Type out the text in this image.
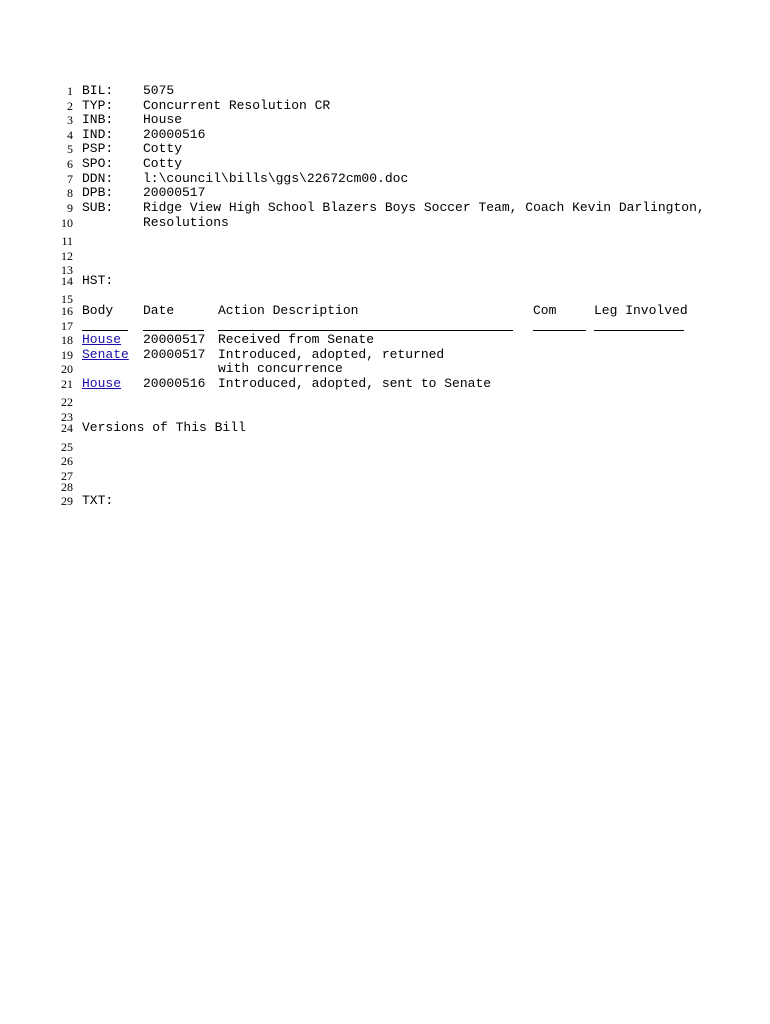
1
2
3
4
5
6
7
8
9
10
11
12
13
14
15
16
17
18
19
20
21
22
23
24
25
26
27
28
29
BIL: 5075
TYP: Concurrent Resolution CR
INB: House
IND: 20000516
PSP: Cotty
SPO: Cotty
DDN: l:\council\bills\ggs\22672cm00.doc
DPB: 20000517
SUB: Ridge View High School Blazers Boys Soccer Team, Coach Kevin Darlington,
Resolutions
HST:
Body Date	Action Description	Com	Leg Involved
House 20000517 Received from Senate
Senate 20000517 Introduced, adopted, returned
with concurrence
House 20000516 Introduced, adopted, sent to Senate
Versions of This Bill
TXT:
